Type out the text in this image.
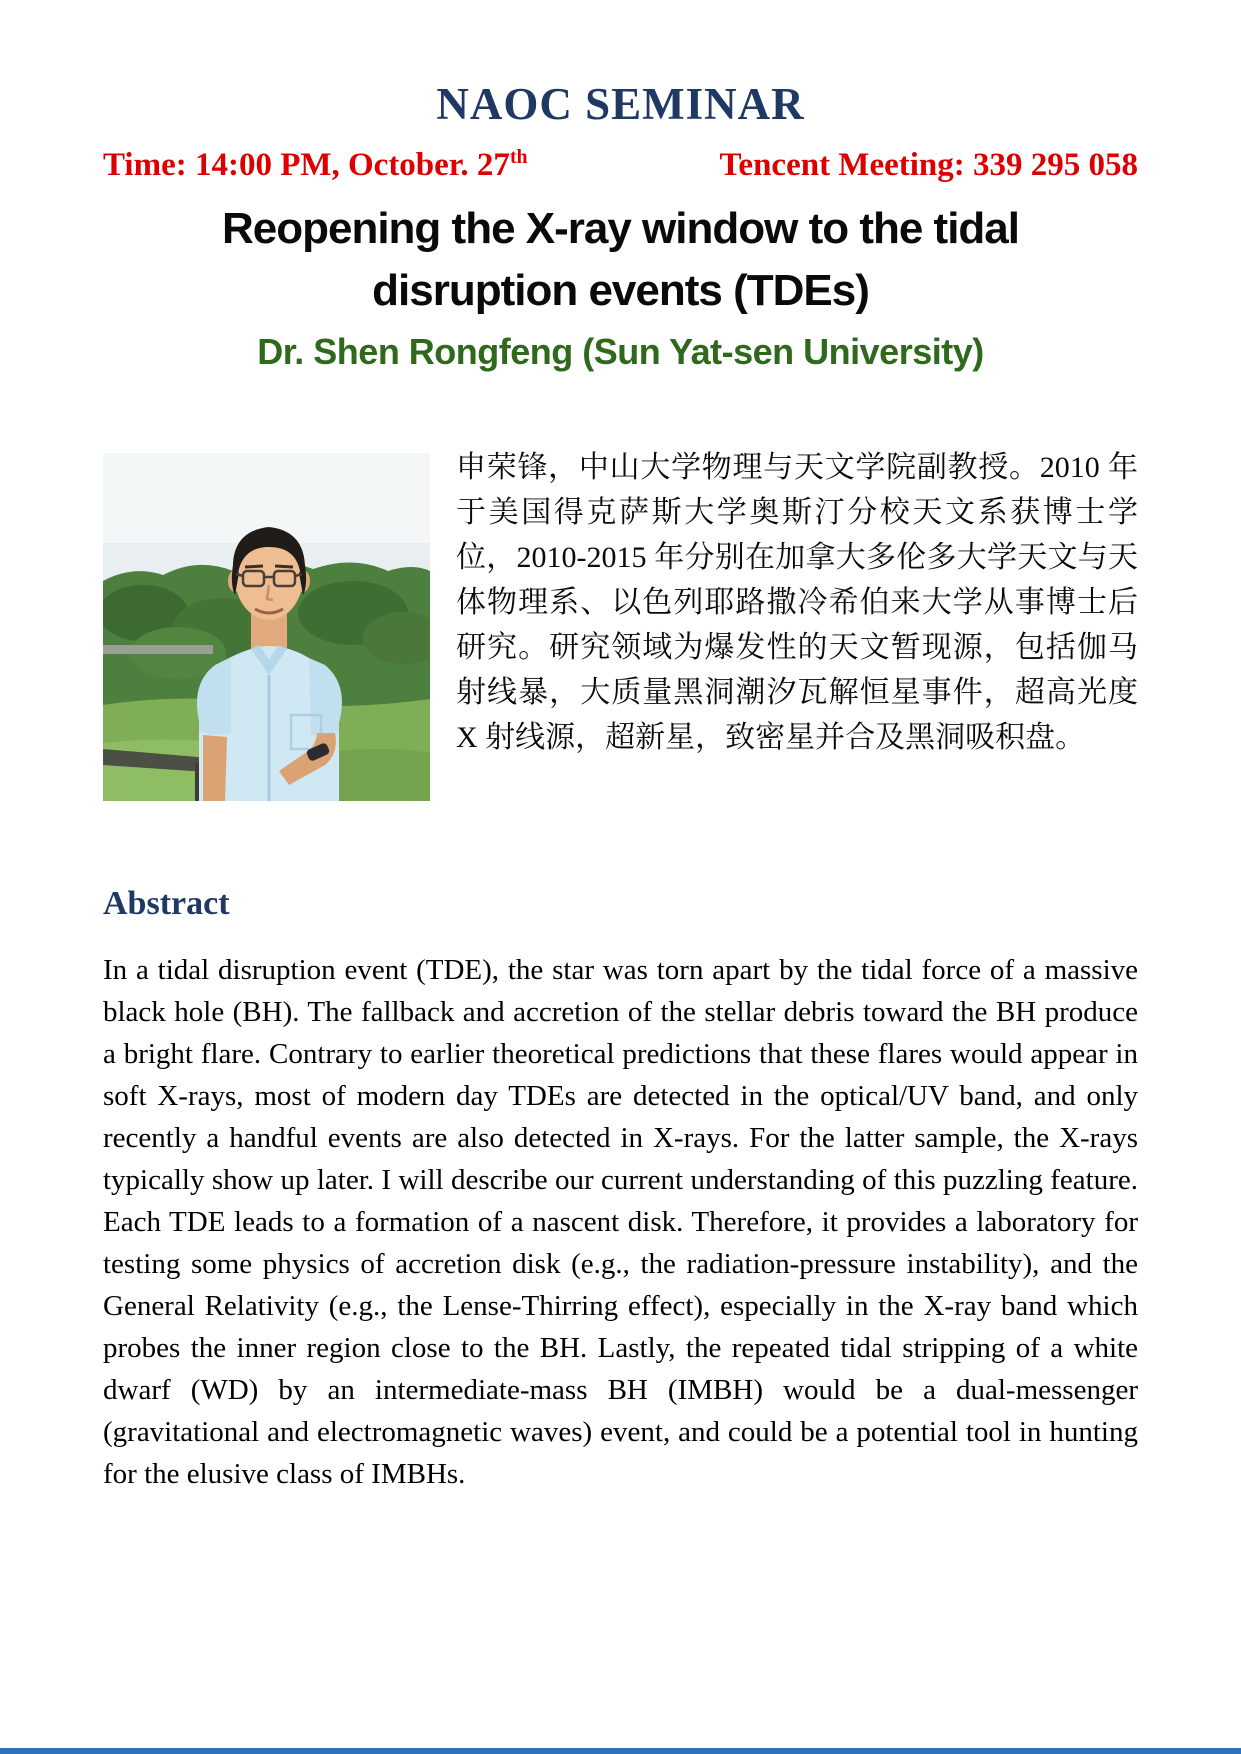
NAOC SEMINAR
Time: 14:00 PM, October. 27th	Tencent Meeting: 339 295 058
Reopening the X-ray window to the tidal disruption events (TDEs)
Dr. Shen Rongfeng (Sun Yat-sen University)
申荣锋，中山大学物理与天文学院副教授。2010 年于美国得克萨斯大学奥斯汀分校天文系获博士学位，2010-2015 年分别在加拿大多伦多大学天文与天体物理系、以色列耶路撒冷希伯来大学从事博士后研究。研究领域为爆发性的天文暂现源，包括伽马射线暴，大质量黑洞潮汐瓦解恒星事件，超高光度 X 射线源，超新星，致密星并合及黑洞吸积盘。
Abstract

In a tidal disruption event (TDE), the star was torn apart by the tidal force of a massive black hole (BH). The fallback and accretion of the stellar debris toward the BH produce a bright flare. Contrary to earlier theoretical predictions that these flares would appear in soft X-rays, most of modern day TDEs are detected in the optical/UV band, and only recently a handful events are also detected in X-rays. For the latter sample, the X-rays typically show up later. I will describe our current understanding of this puzzling feature. Each TDE leads to a formation of a nascent disk. Therefore, it provides a laboratory for testing some physics of accretion disk (e.g., the radiation-pressure instability), and the General Relativity (e.g., the Lense-Thirring effect), especially in the X-ray band which probes the inner region close to the BH. Lastly, the repeated tidal stripping of a white dwarf (WD) by an intermediate-mass BH (IMBH) would be a dual-messenger (gravitational and electromagnetic waves) event, and could be a potential tool in hunting for the elusive class of IMBHs.
